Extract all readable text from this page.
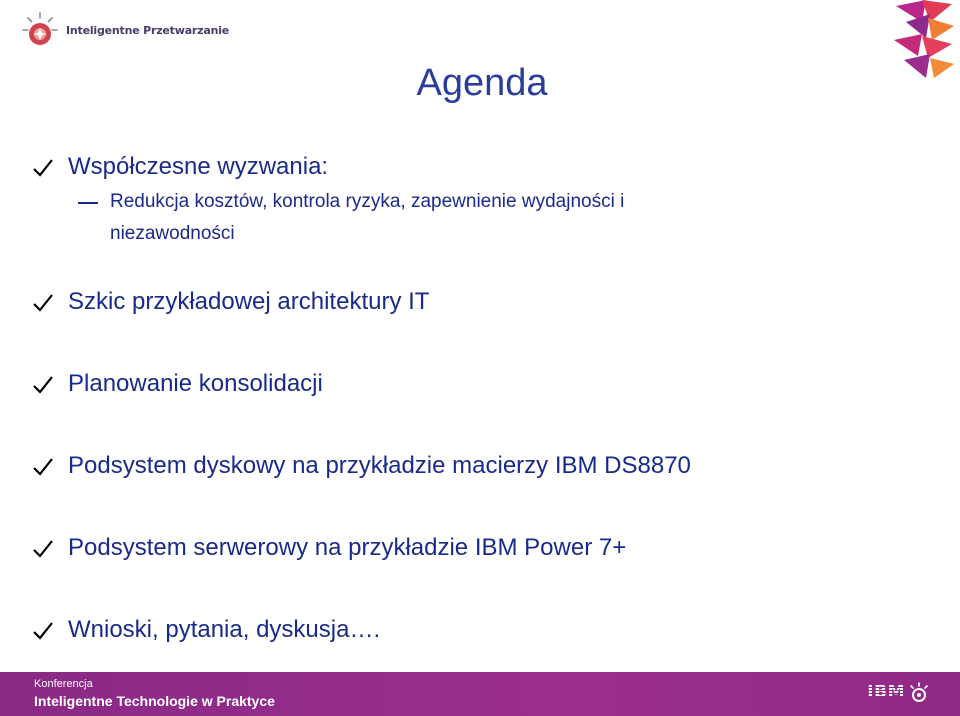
Inteligentne Przetwarzanie
Agenda
Współczesne wyzwania:
Redukcja kosztów, kontrola ryzyka, zapewnienie wydajności i niezawodności
Szkic przykładowej architektury IT
Planowanie konsolidacji
Podsystem dyskowy na przykładzie macierzy IBM DS8870
Podsystem serwerowy na przykładzie IBM Power 7+
Wnioski, pytania, dyskusja….
Konferencja
Inteligentne Technologie w Praktyce	IBM
